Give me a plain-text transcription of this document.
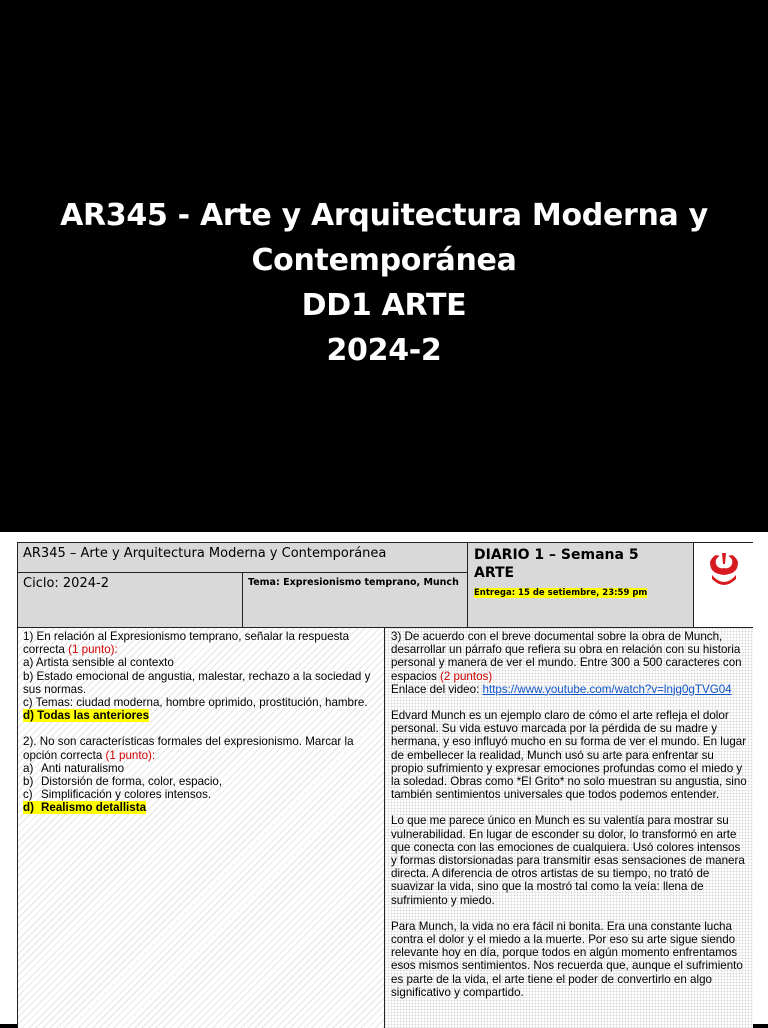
AR345 - Arte y Arquitectura Moderna y
Contemporánea
DD1 ARTE
2024-2
AR345 – Arte y Arquitectura Moderna y Contemporánea
Ciclo: 2024-2	Tema: Expresionismo temprano, Munch
DIARIO 1 – Semana 5
ARTE
Entrega: 15 de setiembre, 23:59 pm
1) En relación al Expresionismo temprano, señalar la respuesta correcta (1 punto):
a) Artista sensible al contexto
b) Estado emocional de angustia, malestar, rechazo a la sociedad y sus normas.
c) Temas: ciudad moderna, hombre oprimido, prostitución, hambre.
d) Todas las anteriores
2). No son características formales del expresionismo. Marcar la opción correcta (1 punto):
a) Anti naturalismo
b) Distorsión de forma, color, espacio,
c) Simplificación y colores intensos.
d) Realismo detallista
3) De acuerdo con el breve documental sobre la obra de Munch, desarrollar un párrafo que refiera su obra en relación con su historia personal y manera de ver el mundo. Entre 300 a 500 caracteres con espacios (2 puntos)
Enlace del video: https://www.youtube.com/watch?v=lnjg0gTVG04
Edvard Munch es un ejemplo claro de cómo el arte refleja el dolor personal. Su vida estuvo marcada por la pérdida de su madre y hermana, y eso influyó mucho en su forma de ver el mundo. En lugar de embellecer la realidad, Munch usó su arte para enfrentar su propio sufrimiento y expresar emociones profundas como el miedo y la soledad. Obras como *El Grito* no solo muestran su angustia, sino también sentimientos universales que todos podemos entender.
Lo que me parece único en Munch es su valentía para mostrar su vulnerabilidad. En lugar de esconder su dolor, lo transformó en arte que conecta con las emociones de cualquiera. Usó colores intensos y formas distorsionadas para transmitir esas sensaciones de manera directa. A diferencia de otros artistas de su tiempo, no trató de suavizar la vida, sino que la mostró tal como la veía: llena de sufrimiento y miedo.
Para Munch, la vida no era fácil ni bonita. Era una constante lucha contra el dolor y el miedo a la muerte. Por eso su arte sigue siendo relevante hoy en día, porque todos en algún momento enfrentamos esos mismos sentimientos. Nos recuerda que, aunque el sufrimiento es parte de la vida, el arte tiene el poder de convertirlo en algo significativo y compartido.
